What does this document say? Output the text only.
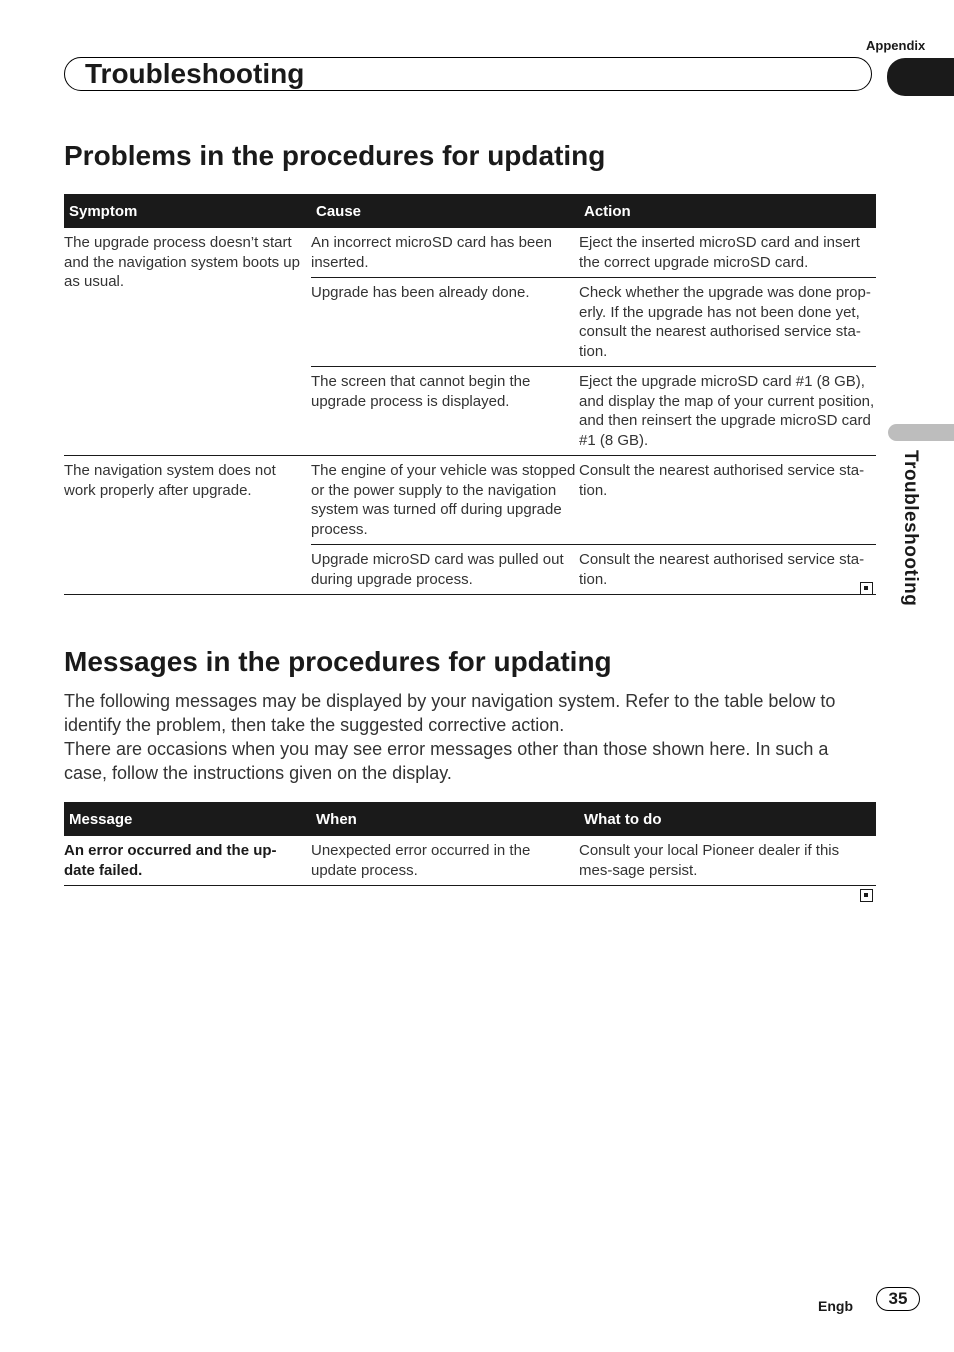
Appendix
Troubleshooting
Troubleshooting
Problems in the procedures for updating
Symptom	Cause	Action
The upgrade process doesn’t start and the navigation system boots up as usual.	An incorrect microSD card has been inserted.	Eject the inserted microSD card and insert the correct upgrade microSD card.
	Upgrade has been already done.	Check whether the upgrade was done prop-erly. If the upgrade has not been done yet, consult the nearest authorised service sta-tion.
	The screen that cannot begin the upgrade process is displayed.	Eject the upgrade microSD card #1 (8 GB), and display the map of your current position, and then reinsert the upgrade microSD card #1 (8 GB).
The navigation system does not work properly after upgrade.	The engine of your vehicle was stopped or the power supply to the navigation system was turned off during upgrade process.	Consult the nearest authorised service sta-tion.
	Upgrade microSD card was pulled out during upgrade process.	Consult the nearest authorised service sta-tion.
Messages in the procedures for updating

The following messages may be displayed by your navigation system. Refer to the table below to identify the problem, then take the suggested corrective action.

There are occasions when you may see error messages other than those shown here. In such a case, follow the instructions given on the display.

Message	When	What to do
An error occurred and the up-date failed.	Unexpected error occurred in the update process.	Consult your local Pioneer dealer if this mes-sage persist.
Engb	35
